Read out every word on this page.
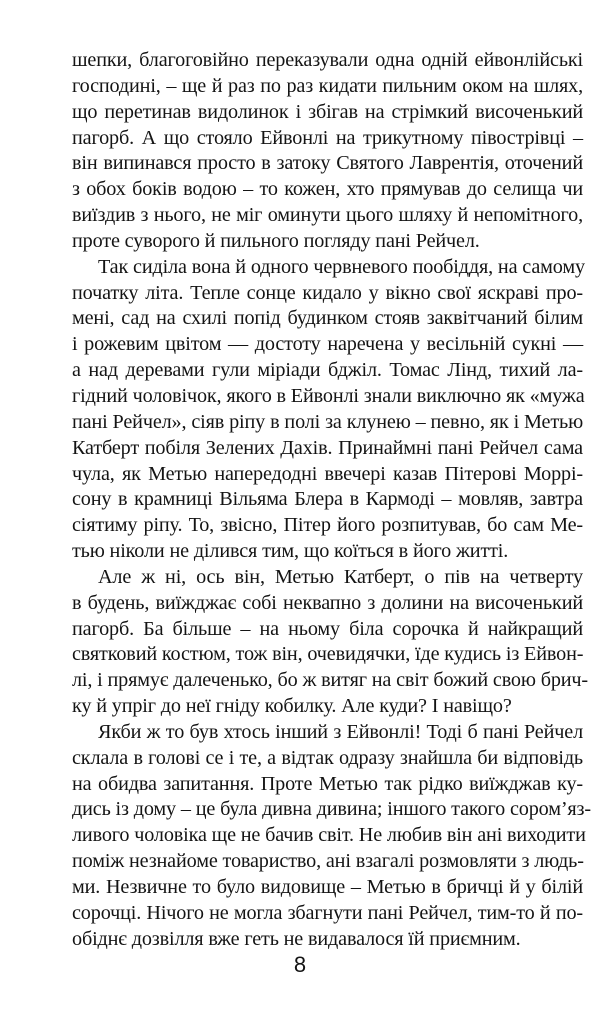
шепки, благоговійно переказували одна одній ейвонлійські
господині, – ще й раз по раз кидати пильним оком на шлях,
що перетинав видолинок і збігав на стрімкий височенький
пагорб. А що стояло Ейвонлі на трикутному півострівці –
він випинався просто в затоку Святого Лаврентія, оточений
з обох боків водою – то кожен, хто прямував до селища чи
виїздив з нього, не міг оминути цього шляху й непомітного,
проте суворого й пильного погляду пані Рейчел.
Так сиділа вона й одного червневого пообіддя, на самому
початку літа. Тепле сонце кидало у вікно свої яскраві про-
мені, сад на схилі попід будинком стояв заквітчаний білим
і рожевим цвітом — достоту наречена у весільній сукні —
а над деревами гули міріади бджіл. Томас Лінд, тихий ла-
гідний чоловічок, якого в Ейвонлі знали виключно як «мужа
пані Рейчел», сіяв ріпу в полі за клунею – певно, як і Метью
Катберт побіля Зелених Дахів. Принаймні пані Рейчел сама
чула, як Метью напередодні ввечері казав Пітерові Моррі-
сону в крамниці Вільяма Блера в Кармоді – мовляв, завтра
сіятиму ріпу. То, звісно, Пітер його розпитував, бо сам Ме-
тью ніколи не ділився тим, що коїться в його житті.
Але ж ні, ось він, Метью Катберт, о пів на четверту
в будень, виїжджає собі неквапно з долини на височенький
пагорб. Ба більше – на ньому біла сорочка й найкращий
святковий костюм, тож він, очевидячки, їде кудись із Ейвон-
лі, і прямує далеченько, бо ж витяг на світ божий свою брич-
ку й упріг до неї гніду кобилку. Але куди? І навіщо?
Якби ж то був хтось інший з Ейвонлі! Тоді б пані Рейчел
склала в голові се і те, а відтак одразу знайшла би відповідь
на обидва запитання. Проте Метью так рідко виїжджав ку-
дись із дому – це була дивна дивина; іншого такого сором’яз-
ливого чоловіка ще не бачив світ. Не любив він ані виходити
поміж незнайоме товариство, ані взагалі розмовляти з людь-
ми. Незвичне то було видовище – Метью в бричці й у білій
сорочці. Нічого не могла збагнути пані Рейчел, тим-то й по-
обіднє дозвілля вже геть не видавалося їй приємним.
8
